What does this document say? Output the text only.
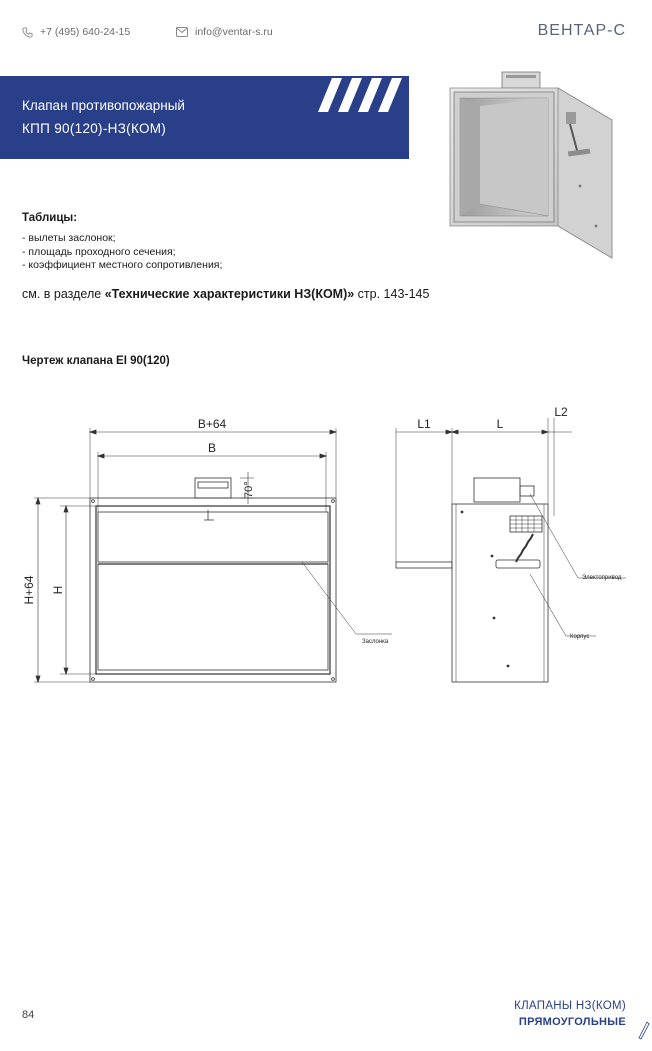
+7 (495) 640-24-15	info@ventar-s.ru	ВЕНТАР-С
Клапан противопожарный
КПП 90(120)-НЗ(КОМ)
Таблицы:
- вылеты заслонок;
- площадь проходного сечения;
- коэффициент местного сопротивления;
см. в разделе «Технические характеристики НЗ(КОМ)» стр. 143-145
Чертеж клапана EI 90(120)
B+64
B
70°
H+64 H
Заслонка
L1	L
L2
Электопривод
Корпус
84
КЛАПАНЫ НЗ(КОМ)
ПРЯМОУГОЛЬНЫЕ
